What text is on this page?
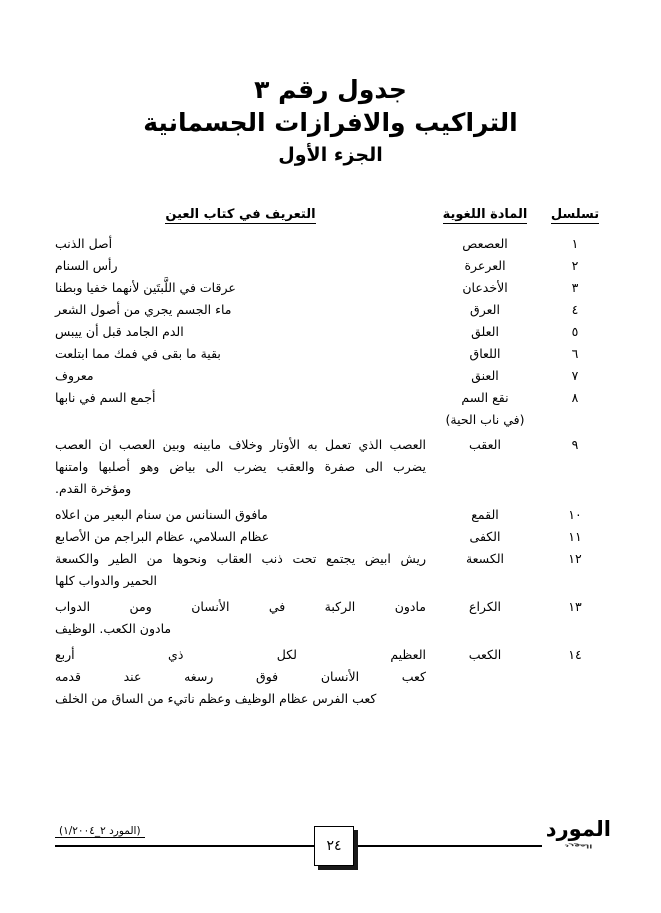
جدول رقم ٣
التراكيب والافرازات الجسمانية
الجزء الأول
تسلسل
المادة اللغوية
التعريف في كتاب العين
١
العصعص
أصل الذنب
٢
العرعرة
رأس السنام
٣
الأخدعان
عرقات في اللَّبتَين لأنهما خفيا وبطنا
٤
العرق
ماء الجسم يجري من أصول الشعر
٥
العلق
الدم الجامد قبل أن ييبس
٦
اللعاق
بقية ما بقى في فمك مما ابتلعت
٧
العنق
معروف
٨
نقع السم
(في ناب الحية)
أجمع السم في نابها
٩
العقب
العصب الذي تعمل به الأوتار وخلاف مابينه وبين العصب ان العصب
يضرب الى صفرة والعقب يضرب الى بياض وهو أصلبها وامتنها
ومؤخرة القدم.
١٠
القمع
مافوق السنانس من سنام البعير من اعلاه
١١
الكفى
عظام السلامي، عظام البراجم من الأصابع
١٢
الكسعة
ريش ابيض يجتمع تحت ذنب العقاب ونحوها من الطير والكسعة
الحمير والدواب كلها
١٣
الكراع
مادون الركبة في الأنسان ومن الدواب
مادون الكعب. الوظيف
١٤
الكعب
العظيم لكل ذي أربع
كعب الأنسان فوق رسغه عند قدمه
كعب الفرس عظام الوظيف وعظم ناتيء من الساق من الخلف
المورد
المورد
٢٤
(المورد ٢_١/٢٠٠٤)
